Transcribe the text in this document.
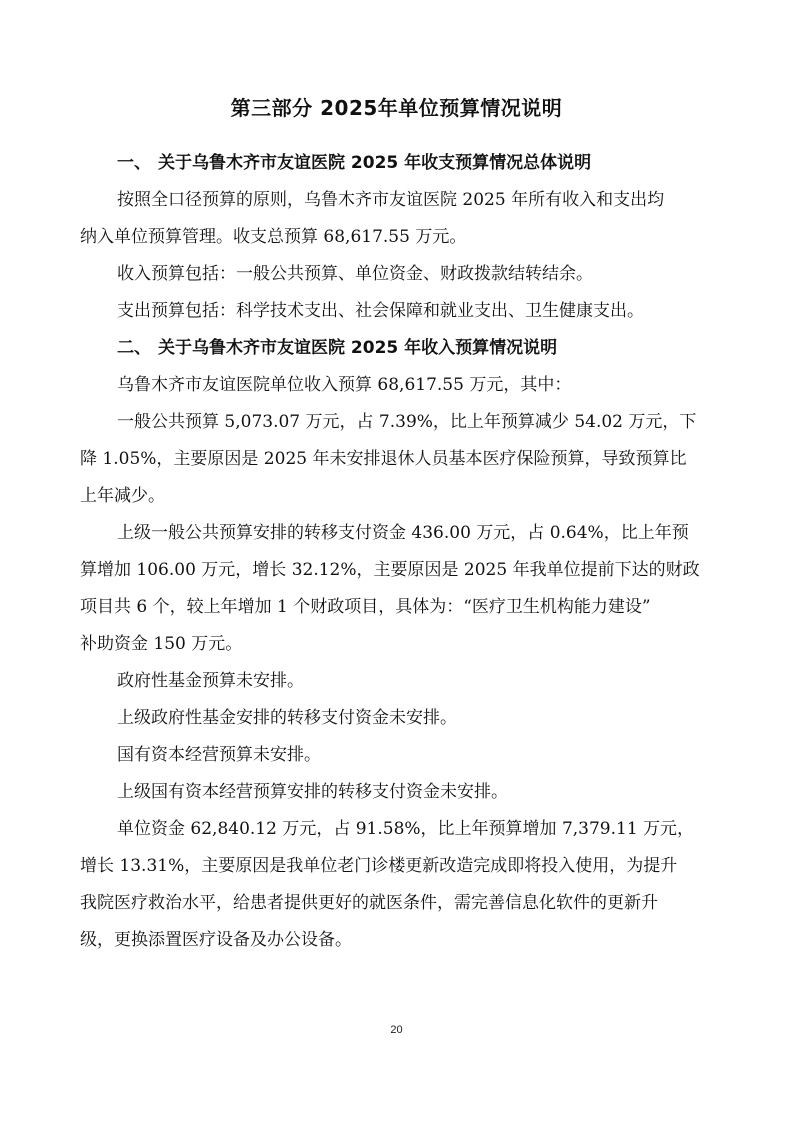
第三部分 2025年单位预算情况说明
一、 关于乌鲁木齐市友谊医院 2025 年收支预算情况总体说明
按照全口径预算的原则，乌鲁木齐市友谊医院 2025 年所有收入和支出均
纳入单位预算管理。收支总预算 68,617.55 万元。
收入预算包括：一般公共预算、单位资金、财政拨款结转结余。
支出预算包括：科学技术支出、社会保障和就业支出、卫生健康支出。
二、 关于乌鲁木齐市友谊医院 2025 年收入预算情况说明
乌鲁木齐市友谊医院单位收入预算 68,617.55 万元，其中：
一般公共预算 5,073.07 万元，占 7.39%，比上年预算减少 54.02 万元，下
降 1.05%，主要原因是 2025 年未安排退休人员基本医疗保险预算，导致预算比
上年减少。
上级一般公共预算安排的转移支付资金 436.00 万元，占 0.64%，比上年预
算增加 106.00 万元，增长 32.12%，主要原因是 2025 年我单位提前下达的财政
项目共 6 个，较上年增加 1 个财政项目，具体为：“医疗卫生机构能力建设”
补助资金 150 万元。
政府性基金预算未安排。
上级政府性基金安排的转移支付资金未安排。
国有资本经营预算未安排。
上级国有资本经营预算安排的转移支付资金未安排。
单位资金 62,840.12 万元，占 91.58%，比上年预算增加 7,379.11 万元，
增长 13.31%，主要原因是我单位老门诊楼更新改造完成即将投入使用，为提升
我院医疗救治水平，给患者提供更好的就医条件，需完善信息化软件的更新升
级，更换添置医疗设备及办公设备。
20
